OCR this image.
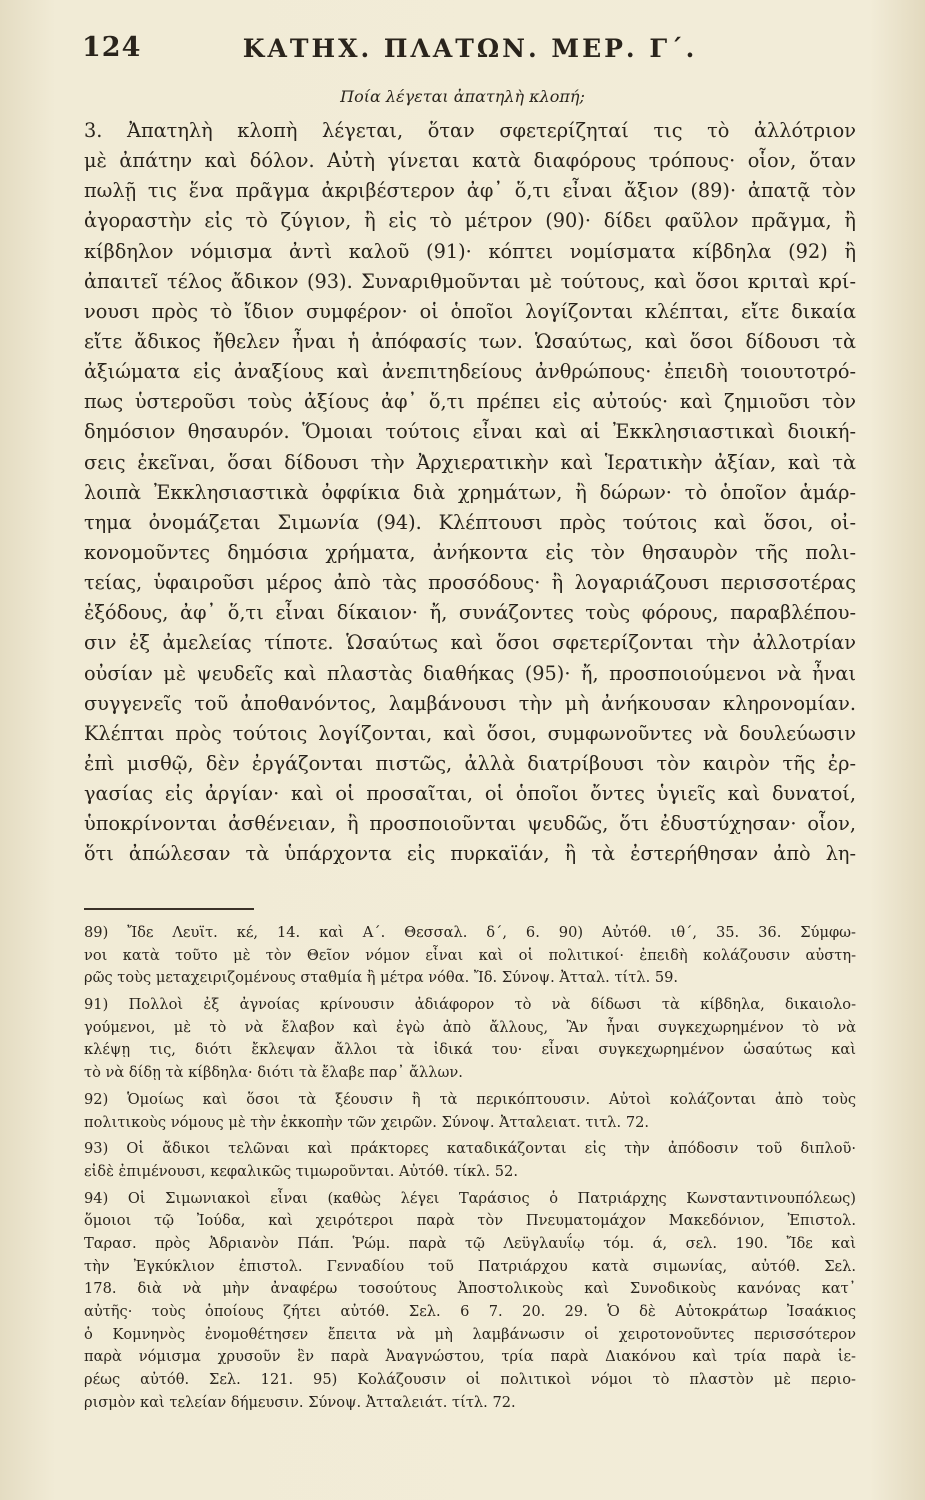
124	ΚΑΤΗΧ. ΠΛΑΤΩΝ. ΜΕΡ. Γ΄.
Ποία λέγεται ἀπατηλὴ κλοπή;
3. Ἀπατηλὴ κλοπὴ λέγεται, ὅταν σφετερίζηταί τις τὸ ἀλλότριον
μὲ ἀπάτην καὶ δόλον. Αὐτὴ γίνεται κατὰ διαφόρους τρόπους· οἷον, ὅταν
πωλῇ τις ἕνα πρᾶγμα ἀκριβέστερον ἀφ᾿ ὅ,τι εἶναι ἄξιον (89)· ἀπατᾷ τὸν
ἀγοραστὴν εἰς τὸ ζύγιον, ἢ εἰς τὸ μέτρον (90)· δίδει φαῦλον πρᾶγμα, ἢ
κίβδηλον νόμισμα ἀντὶ καλοῦ (91)· κόπτει νομίσματα κίβδηλα (92) ἢ
ἀπαιτεῖ τέλος ἄδικον (93). Συναριθμοῦνται μὲ τούτους, καὶ ὅσοι κριταὶ κρί-
νουσι πρὸς τὸ ἴδιον συμφέρον· οἱ ὁποῖοι λογίζονται κλέπται, εἴτε δικαία
εἴτε ἄδικος ἤθελεν ἦναι ἡ ἀπόφασίς των. Ὡσαύτως, καὶ ὅσοι δίδουσι τὰ
ἀξιώματα εἰς ἀναξίους καὶ ἀνεπιτηδείους ἀνθρώπους· ἐπειδὴ τοιουτοτρό-
πως ὑστεροῦσι τοὺς ἀξίους ἀφ᾿ ὅ,τι πρέπει εἰς αὐτούς· καὶ ζημιοῦσι τὸν
δημόσιον θησαυρόν. Ὅμοιαι τούτοις εἶναι καὶ αἱ Ἐκκλησιαστικαὶ διοική-
σεις ἐκεῖναι, ὅσαι δίδουσι τὴν Ἀρχιερατικὴν καὶ Ἱερατικὴν ἀξίαν, καὶ τὰ
λοιπὰ Ἐκκλησιαστικὰ ὀφφίκια διὰ χρημάτων, ἢ δώρων· τὸ ὁποῖον ἁμάρ-
τημα ὀνομάζεται Σιμωνία (94). Κλέπτουσι πρὸς τούτοις καὶ ὅσοι, οἰ-
κονομοῦντες δημόσια χρήματα, ἀνήκοντα εἰς τὸν θησαυρὸν τῆς πολι-
τείας, ὑφαιροῦσι μέρος ἀπὸ τὰς προσόδους· ἢ λογαριάζουσι περισσοτέρας
ἐξόδους, ἀφ᾿ ὅ,τι εἶναι δίκαιον· ἤ, συνάζοντες τοὺς φόρους, παραβλέπου-
σιν ἐξ ἀμελείας τίποτε. Ὡσαύτως καὶ ὅσοι σφετερίζονται τὴν ἀλλοτρίαν
οὐσίαν μὲ ψευδεῖς καὶ πλαστὰς διαθήκας (95)· ἤ, προσποιούμενοι νὰ ἦναι
συγγενεῖς τοῦ ἀποθανόντος, λαμβάνουσι τὴν μὴ ἀνήκουσαν κληρονομίαν.
Κλέπται πρὸς τούτοις λογίζονται, καὶ ὅσοι, συμφωνοῦντες νὰ δουλεύωσιν
ἐπὶ μισθῷ, δὲν ἐργάζονται πιστῶς, ἀλλὰ διατρίβουσι τὸν καιρὸν τῆς ἐρ-
γασίας εἰς ἀργίαν· καὶ οἱ προσαῖται, οἱ ὁποῖοι ὄντες ὑγιεῖς καὶ δυνατοί,
ὑποκρίνονται ἀσθένειαν, ἢ προσποιοῦνται ψευδῶς, ὅτι ἐδυστύχησαν· οἷον,
ὅτι ἀπώλεσαν τὰ ὑπάρχοντα εἰς πυρκαϊάν, ἢ τὰ ἐστερήθησαν ἀπὸ λη-
89) Ἴδε Λευϊτ. κέ, 14. καὶ Α΄. Θεσσαλ. δ΄, 6. 90) Αὐτόθ. ιθ΄, 35. 36. Σύμφω-
νοι κατὰ τοῦτο μὲ τὸν Θεῖον νόμον εἶναι καὶ οἱ πολιτικοί· ἐπειδὴ κολάζουσιν αὐστη-
ρῶς τοὺς μεταχειριζομένους σταθμία ἢ μέτρα νόθα. Ἴδ. Σύνοψ. Ἀτταλ. τίτλ. 59.
91) Πολλοὶ ἐξ ἀγνοίας κρίνουσιν ἀδιάφορον τὸ νὰ δίδωσι τὰ κίβδηλα, δικαιολο-
γούμενοι, μὲ τὸ νὰ ἔλαβον καὶ ἐγὼ ἀπὸ ἄλλους, Ἂν ἦναι συγκεχωρημένον τὸ νὰ
κλέψῃ τις, διότι ἔκλεψαν ἄλλοι τὰ ἰδικά του· εἶναι συγκεχωρημένον ὡσαύτως καὶ
τὸ νὰ δίδῃ τὰ κίβδηλα· διότι τὰ ἔλαβε παρ᾿ ἄλλων.
92) Ὁμοίως καὶ ὅσοι τὰ ξέουσιν ἢ τὰ περικόπτουσιν. Αὐτοὶ κολάζονται ἀπὸ τοὺς
πολιτικοὺς νόμους μὲ τὴν ἐκκοπὴν τῶν χειρῶν. Σύνοψ. Ἀτταλειατ. τιτλ. 72.
93) Οἱ ἄδικοι τελῶναι καὶ πράκτορες καταδικάζονται εἰς τὴν ἀπόδοσιν τοῦ διπλοῦ·
εἰδὲ ἐπιμένουσι, κεφαλικῶς τιμωροῦνται. Αὐτόθ. τίκλ. 52.
94) Οἱ Σιμωνιακοὶ εἶναι (καθὼς λέγει Ταράσιος ὁ Πατριάρχης Κωνσταντινουπόλεως)
ὅμοιοι τῷ Ἰούδα, καὶ χειρότεροι παρὰ τὸν Πνευματομάχον Μακεδόνιον, Ἐπιστολ.
Ταρασ. πρὸς Ἀδριανὸν Πάπ. Ῥώμ. παρὰ τῷ Λεϋγλαυΐῳ τόμ. ά, σελ. 190. Ἴδε καὶ
τὴν Ἐγκύκλιον ἐπιστολ. Γενναδίου τοῦ Πατριάρχου κατὰ σιμωνίας, αὐτόθ. Σελ.
178. διὰ νὰ μὴν ἀναφέρω τοσούτους Ἀποστολικοὺς καὶ Συνοδικοὺς κανόνας κατ᾿
αὐτῆς· τοὺς ὁποίους ζήτει αὐτόθ. Σελ. 6 7. 20. 29. Ὁ δὲ Αὐτοκράτωρ Ἰσαάκιος
ὁ Κομνηνὸς ἐνομοθέτησεν ἔπειτα νὰ μὴ λαμβάνωσιν οἱ χειροτονοῦντες περισσότερον
παρὰ νόμισμα χρυσοῦν ἓν παρὰ Ἀναγνώστου, τρία παρὰ Διακόνου καὶ τρία παρὰ ἱε-
ρέως αὐτόθ. Σελ. 121. 95) Κολάζουσιν οἱ πολιτικοὶ νόμοι τὸ πλαστὸν μὲ περιο-
ρισμὸν καὶ τελείαν δήμευσιν. Σύνοψ. Ἀτταλειάτ. τίτλ. 72.
